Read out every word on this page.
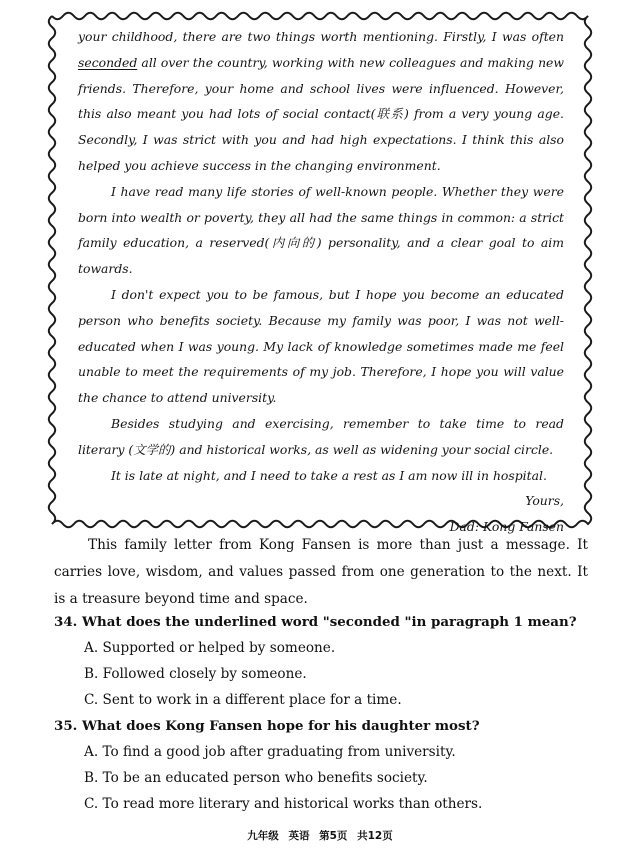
your childhood, there are two things worth mentioning. Firstly, I was often seconded all over the country, working with new colleagues and making new friends. Therefore, your home and school lives were influenced. However, this also meant you had lots of social contact(联系) from a very young age. Secondly, I was strict with you and had high expectations. I think this also helped you achieve success in the changing environment.

I have read many life stories of well-known people. Whether they were born into wealth or poverty, they all had the same things in common: a strict family education, a reserved(内向的) personality, and a clear goal to aim towards.

I don't expect you to be famous, but I hope you become an educated person who benefits society. Because my family was poor, I was not well-educated when I was young. My lack of knowledge sometimes made me feel unable to meet the requirements of my job. Therefore, I hope you will value the chance to attend university.

Besides studying and exercising, remember to take time to read literary (文学的) and historical works, as well as widening your social circle.

It is late at night, and I need to take a rest as I am now ill in hospital.

Yours,
Dad: Kong Fansen

This family letter from Kong Fansen is more than just a message. It carries love, wisdom, and values passed from one generation to the next. It is a treasure beyond time and space.

34. What does the underlined word "seconded "in paragraph 1 mean?
A. Supported or helped by someone.
B. Followed closely by someone.
C. Sent to work in a different place for a time.
35. What does Kong Fansen hope for his daughter most?
A. To find a good job after graduating from university.
B. To be an educated person who benefits society.
C. To read more literary and historical works than others.
九年级 英语 第5页 共12页
